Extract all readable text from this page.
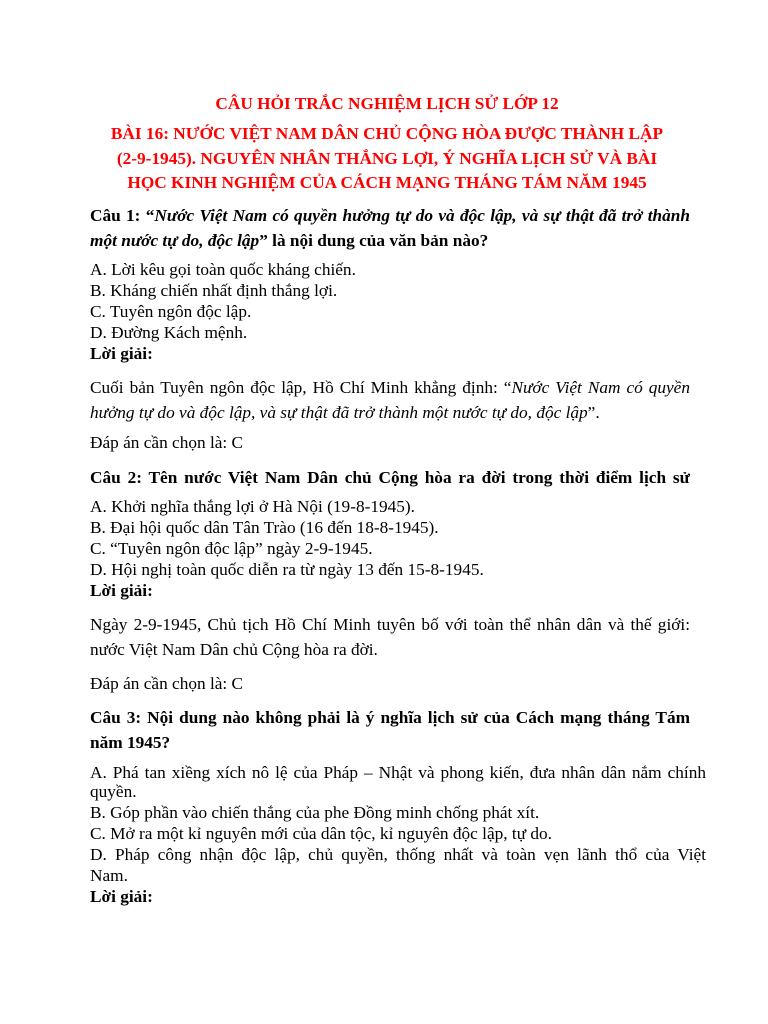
CÂU HỎI TRẮC NGHIỆM LỊCH SỬ LỚP 12
BÀI 16: NƯỚC VIỆT NAM DÂN CHỦ CỘNG HÒA ĐƯỢC THÀNH LẬP
(2-9-1945). NGUYÊN NHÂN THẮNG LỢI, Ý NGHĨA LỊCH SỬ VÀ BÀI
HỌC KINH NGHIỆM CỦA CÁCH MẠNG THÁNG TÁM NĂM 1945
Câu 1: “Nước Việt Nam có quyền hưởng tự do và độc lập, và sự thật đã trở thành
một nước tự do, độc lập” là nội dung của văn bản nào?
A. Lời kêu gọi toàn quốc kháng chiến.
B. Kháng chiến nhất định thắng lợi.
C. Tuyên ngôn độc lập.
D. Đường Kách mệnh.
Lời giải:
Cuối bản Tuyên ngôn độc lập, Hồ Chí Minh khẳng định: “Nước Việt Nam có quyền
hưởng tự do và độc lập, và sự thật đã trở thành một nước tự do, độc lập”.
Đáp án cần chọn là: C
Câu 2: Tên nước Việt Nam Dân chủ Cộng hòa ra đời trong thời điểm lịch sử
A. Khởi nghĩa thắng lợi ở Hà Nội (19-8-1945).
B. Đại hội quốc dân Tân Trào (16 đến 18-8-1945).
C. “Tuyên ngôn độc lập” ngày 2-9-1945.
D. Hội nghị toàn quốc diễn ra từ ngày 13 đến 15-8-1945.
Lời giải:
Ngày 2-9-1945, Chủ tịch Hồ Chí Minh tuyên bố với toàn thể nhân dân và thế giới:
nước Việt Nam Dân chủ Cộng hòa ra đời.
Đáp án cần chọn là: C
Câu 3: Nội dung nào không phải là ý nghĩa lịch sử của Cách mạng tháng Tám
năm 1945?
A. Phá tan xiềng xích nô lệ của Pháp – Nhật và phong kiến, đưa nhân dân nắm chính
quyền.
B. Góp phần vào chiến thắng của phe Đồng minh chống phát xít.
C. Mở ra một kỉ nguyên mới của dân tộc, kỉ nguyên độc lập, tự do.
D. Pháp công nhận độc lập, chủ quyền, thống nhất và toàn vẹn lãnh thổ của Việt
Nam.
Lời giải:
